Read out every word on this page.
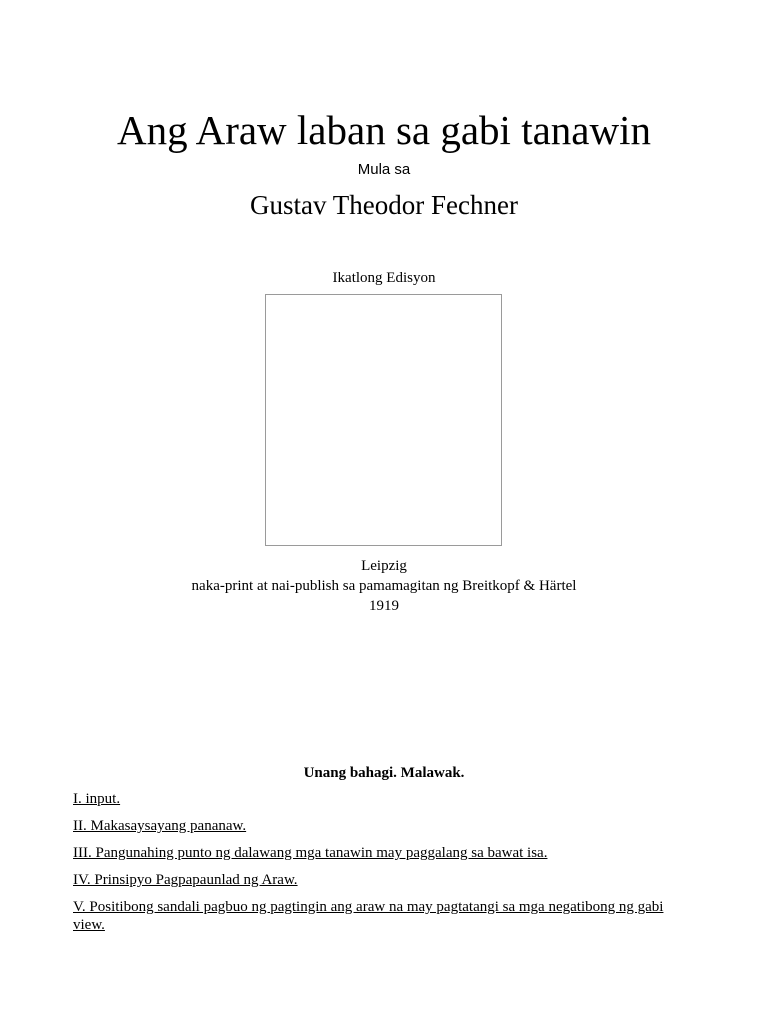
Ang Araw laban sa gabi tanawin
Mula sa
Gustav Theodor Fechner
Ikatlong Edisyon
Leipzig
naka-print at nai-publish sa pamamagitan ng Breitkopf & Härtel
1919
Unang bahagi. Malawak.
I. input.
II. Makasaysayang pananaw.
III. Pangunahing punto ng dalawang mga tanawin may paggalang sa bawat isa.
IV. Prinsipyo Pagpapaunlad ng Araw.
V. Positibong sandali pagbuo ng pagtingin ang araw na may pagtatangi sa mga negatibong ng gabi view.
